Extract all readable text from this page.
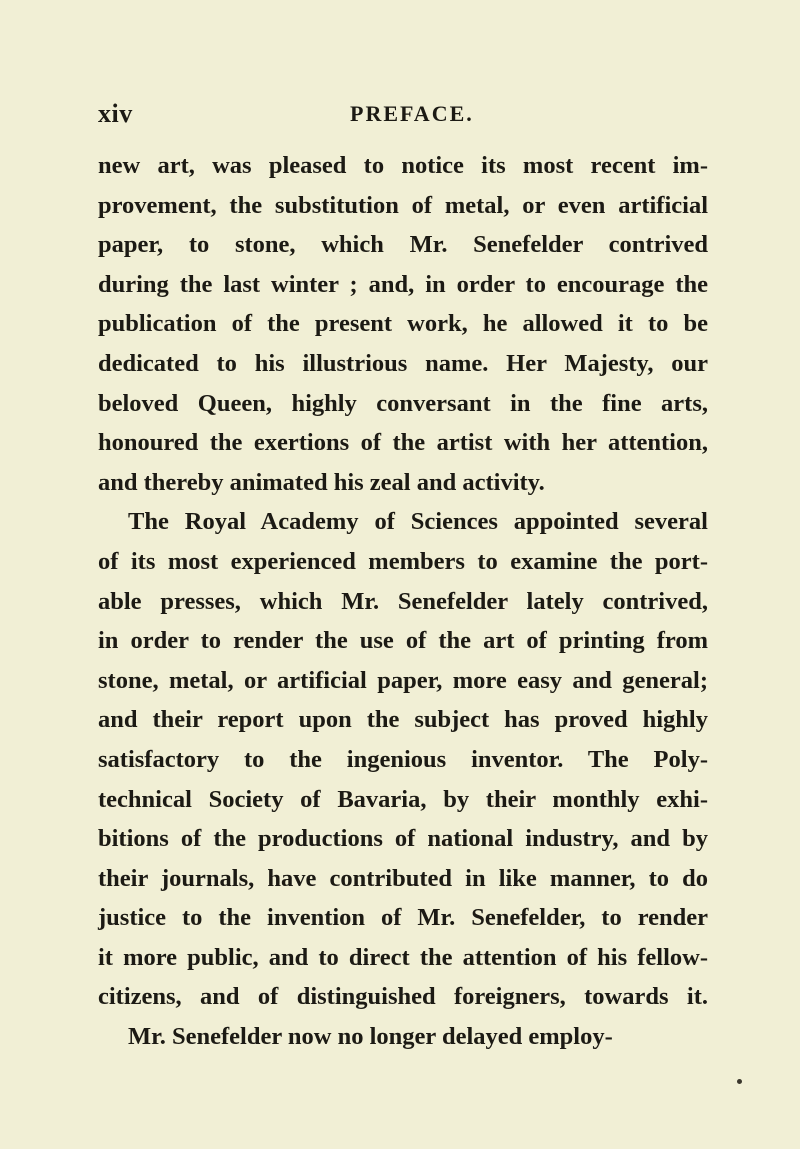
xiv	PREFACE.
new art, was pleased to notice its most recent im-
provement, the substitution of metal, or even artificial
paper, to stone, which Mr. Senefelder contrived
during the last winter ; and, in order to encourage the
publication of the present work, he allowed it to be
dedicated to his illustrious name. Her Majesty, our
beloved Queen, highly conversant in the fine arts,
honoured the exertions of the artist with her attention,
and thereby animated his zeal and activity.
The Royal Academy of Sciences appointed several
of its most experienced members to examine the port-
able presses, which Mr. Senefelder lately contrived,
in order to render the use of the art of printing from
stone, metal, or artificial paper, more easy and general;
and their report upon the subject has proved highly
satisfactory to the ingenious inventor. The Poly-
technical Society of Bavaria, by their monthly exhi-
bitions of the productions of national industry, and by
their journals, have contributed in like manner, to do
justice to the invention of Mr. Senefelder, to render
it more public, and to direct the attention of his fellow-
citizens, and of distinguished foreigners, towards it.
Mr. Senefelder now no longer delayed employ-
